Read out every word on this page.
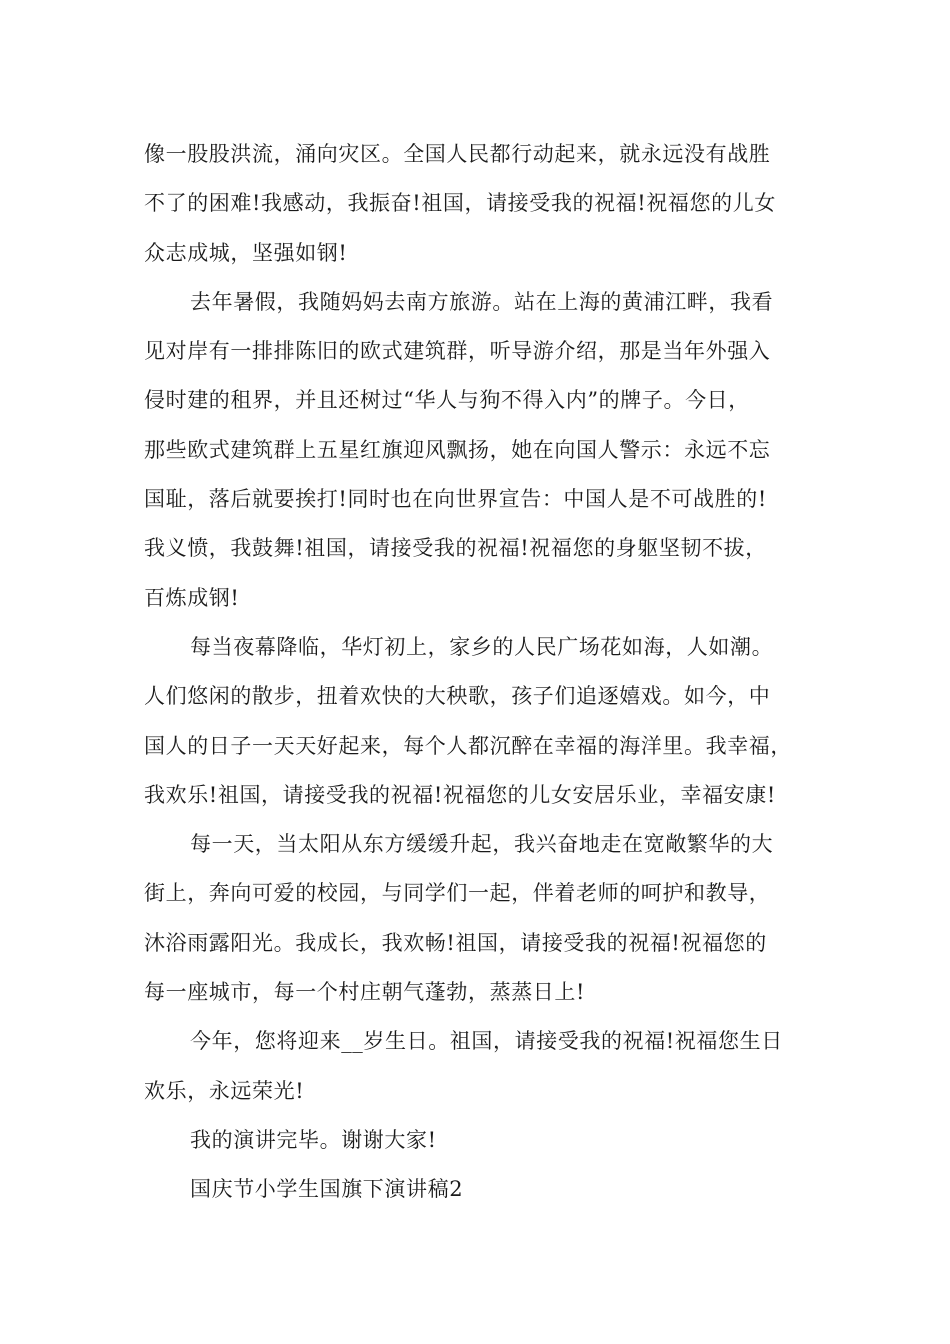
像一股股洪流，涌向灾区。全国人民都行动起来，就永远没有战胜
不了的困难!我感动，我振奋!祖国，请接受我的祝福!祝福您的儿女
众志成城，坚强如钢!
去年暑假，我随妈妈去南方旅游。站在上海的黄浦江畔，我看
见对岸有一排排陈旧的欧式建筑群，听导游介绍，那是当年外强入
侵时建的租界，并且还树过“华人与狗不得入内”的牌子。今日，
那些欧式建筑群上五星红旗迎风飘扬，她在向国人警示：永远不忘
国耻，落后就要挨打!同时也在向世界宣告：中国人是不可战胜的!
我义愤，我鼓舞!祖国，请接受我的祝福!祝福您的身躯坚韧不拔，
百炼成钢!
每当夜幕降临，华灯初上，家乡的人民广场花如海，人如潮。
人们悠闲的散步，扭着欢快的大秧歌，孩子们追逐嬉戏。如今，中
国人的日子一天天好起来，每个人都沉醉在幸福的海洋里。我幸福，
我欢乐!祖国，请接受我的祝福!祝福您的儿女安居乐业，幸福安康!
每一天，当太阳从东方缓缓升起，我兴奋地走在宽敞繁华的大
街上，奔向可爱的校园，与同学们一起，伴着老师的呵护和教导，
沐浴雨露阳光。我成长，我欢畅!祖国，请接受我的祝福!祝福您的
每一座城市，每一个村庄朝气蓬勃，蒸蒸日上!
今年，您将迎来__岁生日。祖国，请接受我的祝福!祝福您生日
欢乐，永远荣光!
我的演讲完毕。谢谢大家!
国庆节小学生国旗下演讲稿2
